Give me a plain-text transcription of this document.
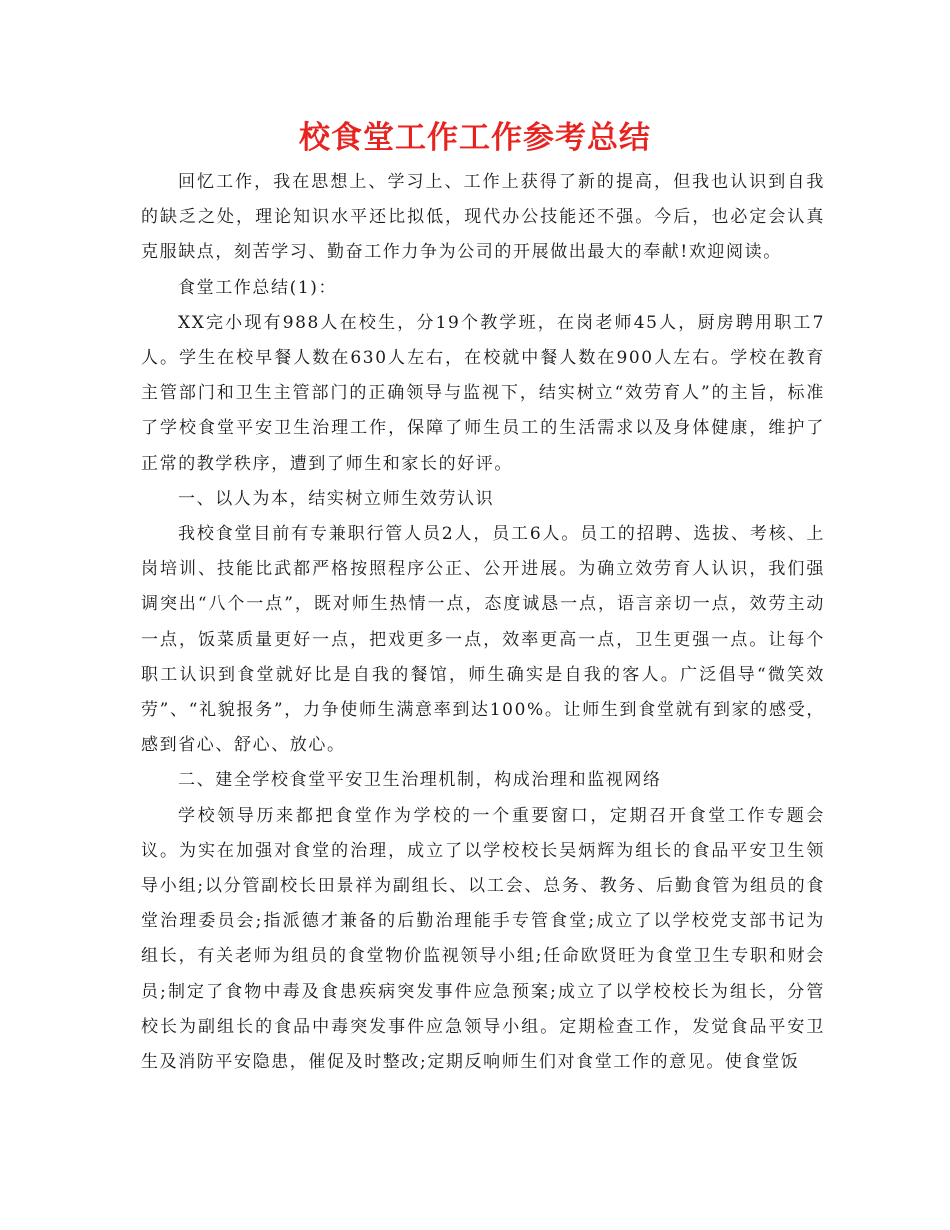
校食堂工作工作参考总结

回忆工作，我在思想上、学习上、工作上获得了新的提高，但我也认识到自我的缺乏之处，理论知识水平还比拟低，现代办公技能还不强。今后，也必定会认真克服缺点，刻苦学习、勤奋工作力争为公司的开展做出最大的奉献!欢迎阅读。

食堂工作总结(1)：

XX完小现有988人在校生，分19个教学班，在岗老师45人，厨房聘用职工7人。学生在校早餐人数在630人左右，在校就中餐人数在900人左右。学校在教育主管部门和卫生主管部门的正确领导与监视下，结实树立“效劳育人”的主旨，标准了学校食堂平安卫生治理工作，保障了师生员工的生活需求以及身体健康，维护了正常的教学秩序，遭到了师生和家长的好评。

一、以人为本，结实树立师生效劳认识

我校食堂目前有专兼职行管人员2人，员工6人。员工的招聘、选拔、考核、上岗培训、技能比武都严格按照程序公正、公开进展。为确立效劳育人认识，我们强调突出“八个一点”，既对师生热情一点，态度诚恳一点，语言亲切一点，效劳主动一点，饭菜质量更好一点，把戏更多一点，效率更高一点，卫生更强一点。让每个职工认识到食堂就好比是自我的餐馆，师生确实是自我的客人。广泛倡导“微笑效劳”、“礼貌报务”，力争使师生满意率到达100%。让师生到食堂就有到家的感受，感到省心、舒心、放心。

二、建全学校食堂平安卫生治理机制，构成治理和监视网络

学校领导历来都把食堂作为学校的一个重要窗口，定期召开食堂工作专题会议。为实在加强对食堂的治理，成立了以学校校长吴炳辉为组长的食品平安卫生领导小组;以分管副校长田景祥为副组长、以工会、总务、教务、后勤食管为组员的食堂治理委员会;指派德才兼备的后勤治理能手专管食堂;成立了以学校党支部书记为组长，有关老师为组员的食堂物价监视领导小组;任命欧贤旺为食堂卫生专职和财会员;制定了食物中毒及食患疾病突发事件应急预案;成立了以学校校长为组长，分管校长为副组长的食品中毒突发事件应急领导小组。定期检查工作，发觉食品平安卫生及消防平安隐患，催促及时整改;定期反响师生们对食堂工作的意见。使食堂饭
